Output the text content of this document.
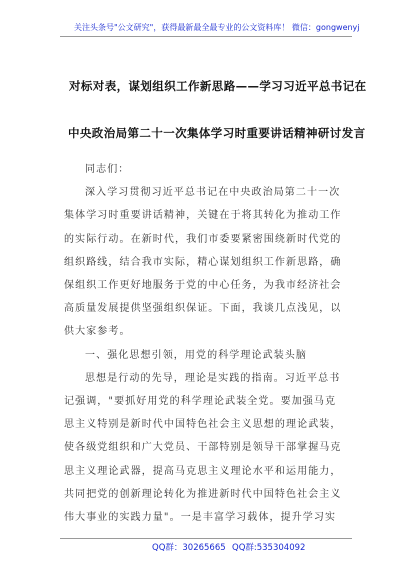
关注头条号"公文研究"，获得最新最全最专业的公文资料库！ 微信：gongwenyj
对标对表，谋划组织工作新思路——学习习近平总书记在
中央政治局第二十一次集体学习时重要讲话精神研讨发言

同志们：

深入学习贯彻习近平总书记在中央政治局第二十一次

集体学习时重要讲话精神，关键在于将其转化为推动工作

的实际行动。在新时代，我们市委要紧密围绕新时代党的

组织路线，结合我市实际，精心谋划组织工作新思路，确

保组织工作更好地服务于党的中心任务，为我市经济社会

高质量发展提供坚强组织保证。下面，我谈几点浅见，以

供大家参考。

一、强化思想引领，用党的科学理论武装头脑

思想是行动的先导，理论是实践的指南。习近平总书

记强调，"要抓好用党的科学理论武装全党。要加强马克

思主义特别是新时代中国特色社会主义思想的理论武装，

使各级党组织和广大党员、干部特别是领导干部掌握马克

思主义理论武器，提高马克思主义理论水平和运用能力，

共同把党的创新理论转化为推进新时代中国特色社会主义

伟大事业的实践力量"。一是丰富学习载体，提升学习实

QQ群：30265665 QQ群:535304092
